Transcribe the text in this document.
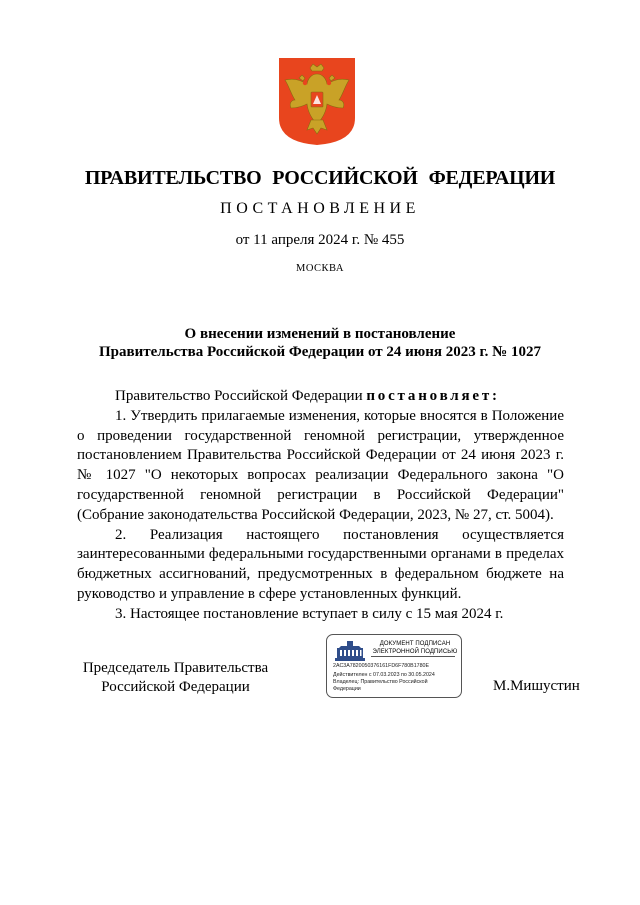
ПРАВИТЕЛЬСТВО РОССИЙСКОЙ ФЕДЕРАЦИИ
ПОСТАНОВЛЕНИЕ
от 11 апреля 2024 г. № 455
МОСКВА
О внесении изменений в постановление
Правительства Российской Федерации от 24 июня 2023 г. № 1027

Правительство Российской Федерации постановляет:

1. Утвердить прилагаемые изменения, которые вносятся в Положение о проведении государственной геномной регистрации, утвержденное постановлением Правительства Российской Федерации от 24 июня 2023 г. № 1027 "О некоторых вопросах реализации Федерального закона "О государственной геномной регистрации в Российской Федерации" (Собрание законодательства Российской Федерации, 2023, № 27, ст. 5004).

2. Реализация настоящего постановления осуществляется заинтересованными федеральными государственными органами в пределах бюджетных ассигнований, предусмотренных в федеральном бюджете на руководство и управление в сфере установленных функций.

3. Настоящее постановление вступает в силу с 15 мая 2024 г.

Председатель Правительства
Российской Федерации
ДОКУМЕНТ ПОДПИСАН
ЭЛЕКТРОННОЙ ПОДПИСЬЮ
2AC3A7820050376161FD6F780B1780E
Действителен с 07.03.2023 по 30.05.2024
Владелец: Правительство Российской
Федерации	М.Мишустин
